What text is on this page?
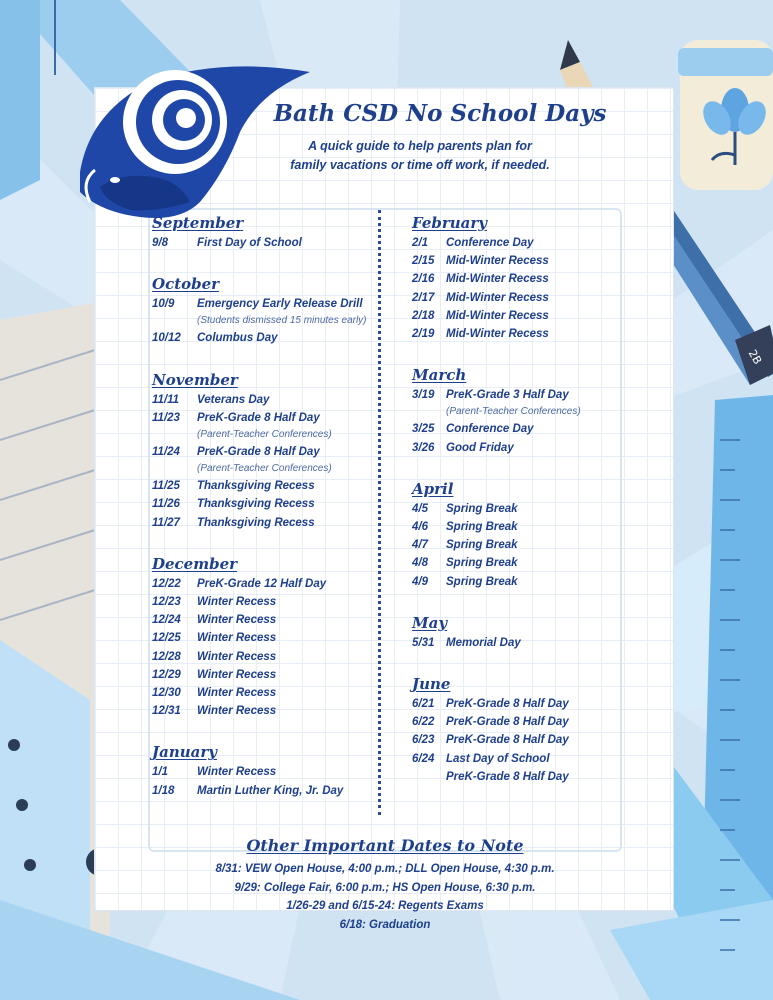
2B
Bath CSD No School Days

A quick guide to help parents plan for
family vacations or time off work, if needed.

September
9/8	First Day of School
October
10/9	Emergency Early Release Drill
(Students dismissed 15 minutes early)
10/12	Columbus Day
November
11/11	Veterans Day
11/23	PreK-Grade 8 Half Day
(Parent-Teacher Conferences)
11/24	PreK-Grade 8 Half Day
(Parent-Teacher Conferences)
11/25	Thanksgiving Recess
11/26	Thanksgiving Recess
11/27	Thanksgiving Recess
December
12/22	PreK-Grade 12 Half Day
12/23	Winter Recess
12/24	Winter Recess
12/25	Winter Recess
12/28	Winter Recess
12/29	Winter Recess
12/30	Winter Recess
12/31	Winter Recess
January
1/1	Winter Recess
1/18	Martin Luther King, Jr. Day
February
2/1	Conference Day
2/15	Mid-Winter Recess
2/16	Mid-Winter Recess
2/17	Mid-Winter Recess
2/18	Mid-Winter Recess
2/19	Mid-Winter Recess
March
3/19	PreK-Grade 3 Half Day
(Parent-Teacher Conferences)
3/25	Conference Day
3/26	Good Friday
April
4/5	Spring Break
4/6	Spring Break
4/7	Spring Break
4/8	Spring Break
4/9	Spring Break
May
5/31	Memorial Day
June
6/21	PreK-Grade 8 Half Day
6/22	PreK-Grade 8 Half Day
6/23	PreK-Grade 8 Half Day
6/24	Last Day of School
PreK-Grade 8 Half Day
Other Important Dates to Note
8/31: VEW Open House, 4:00 p.m.; DLL Open House, 4:30 p.m.
9/29: College Fair, 6:00 p.m.; HS Open House, 6:30 p.m.
1/26-29 and 6/15-24: Regents Exams
6/18: Graduation
